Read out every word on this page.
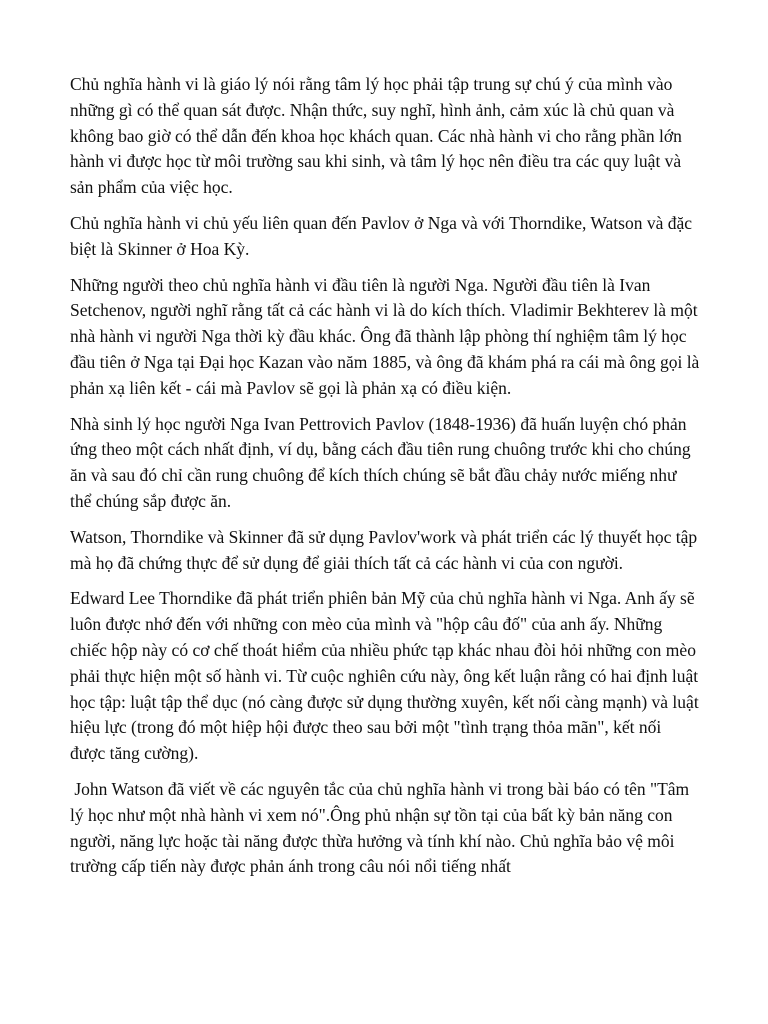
Chủ nghĩa hành vi là giáo lý nói rằng tâm lý học phải tập trung sự chú ý của mình vào những gì có thể quan sát được. Nhận thức, suy nghĩ, hình ảnh, cảm xúc là chủ quan và không bao giờ có thể dẫn đến khoa học khách quan. Các nhà hành vi cho rằng phần lớn hành vi được học từ môi trường sau khi sinh, và tâm lý học nên điều tra các quy luật và sản phẩm của việc học.

Chủ nghĩa hành vi chủ yếu liên quan đến Pavlov ở Nga và với Thorndike, Watson và đặc biệt là Skinner ở Hoa Kỳ.

Những người theo chủ nghĩa hành vi đầu tiên là người Nga. Người đầu tiên là Ivan Setchenov, người nghĩ rằng tất cả các hành vi là do kích thích. Vladimir Bekhterev là một nhà hành vi người Nga thời kỳ đầu khác. Ông đã thành lập phòng thí nghiệm tâm lý học đầu tiên ở Nga tại Đại học Kazan vào năm 1885, và ông đã khám phá ra cái mà ông gọi là phản xạ liên kết - cái mà Pavlov sẽ gọi là phản xạ có điều kiện.

Nhà sinh lý học người Nga Ivan Pettrovich Pavlov (1848-1936) đã huấn luyện chó phản ứng theo một cách nhất định, ví dụ, bằng cách đầu tiên rung chuông trước khi cho chúng ăn và sau đó chỉ cần rung chuông để kích thích chúng sẽ bắt đầu chảy nước miếng như thể chúng sắp được ăn.

Watson, Thorndike và Skinner đã sử dụng Pavlov'work và phát triển các lý thuyết học tập mà họ đã chứng thực để sử dụng để giải thích tất cả các hành vi của con người.

Edward Lee Thorndike đã phát triển phiên bản Mỹ của chủ nghĩa hành vi Nga. Anh ấy sẽ luôn được nhớ đến với những con mèo của mình và "hộp câu đố" của anh ấy. Những chiếc hộp này có cơ chế thoát hiểm của nhiều phức tạp khác nhau đòi hỏi những con mèo phải thực hiện một số hành vi. Từ cuộc nghiên cứu này, ông kết luận rằng có hai định luật học tập: luật tập thể dục (nó càng được sử dụng thường xuyên, kết nối càng mạnh) và luật hiệu lực (trong đó một hiệp hội được theo sau bởi một "tình trạng thỏa mãn", kết nối được tăng cường).

John Watson đã viết về các nguyên tắc của chủ nghĩa hành vi trong bài báo có tên "Tâm lý học như một nhà hành vi xem nó".Ông phủ nhận sự tồn tại của bất kỳ bản năng con người, năng lực hoặc tài năng được thừa hưởng và tính khí nào. Chủ nghĩa bảo vệ môi trường cấp tiến này được phản ánh trong câu nói nổi tiếng nhất
